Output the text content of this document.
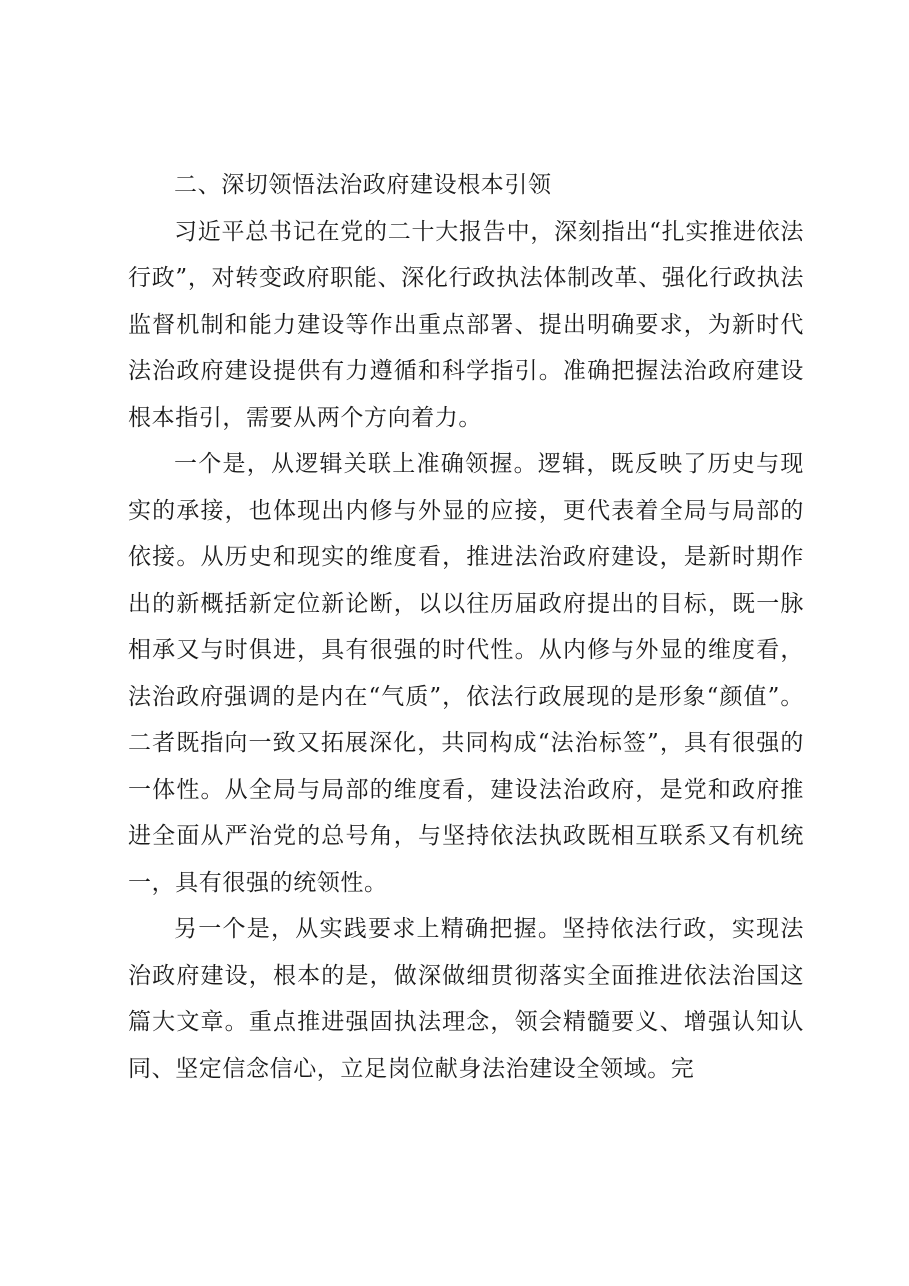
二、深切领悟法治政府建设根本引领

习近平总书记在党的二十大报告中，深刻指出“扎实推进依法行政”，对转变政府职能、深化行政执法体制改革、强化行政执法监督机制和能力建设等作出重点部署、提出明确要求，为新时代法治政府建设提供有力遵循和科学指引。准确把握法治政府建设根本指引，需要从两个方向着力。

一个是，从逻辑关联上准确领握。逻辑，既反映了历史与现实的承接，也体现出内修与外显的应接，更代表着全局与局部的依接。从历史和现实的维度看，推进法治政府建设，是新时期作出的新概括新定位新论断，以以往历届政府提出的目标，既一脉相承又与时俱进，具有很强的时代性。从内修与外显的维度看，法治政府强调的是内在“气质”，依法行政展现的是形象“颜值”。二者既指向一致又拓展深化，共同构成“法治标签”，具有很强的一体性。从全局与局部的维度看，建设法治政府，是党和政府推进全面从严治党的总号角，与坚持依法执政既相互联系又有机统一，具有很强的统领性。

另一个是，从实践要求上精确把握。坚持依法行政，实现法治政府建设，根本的是，做深做细贯彻落实全面推进依法治国这篇大文章。重点推进强固执法理念，领会精髓要义、增强认知认同、坚定信念信心，立足岗位献身法治建设全领域。完
